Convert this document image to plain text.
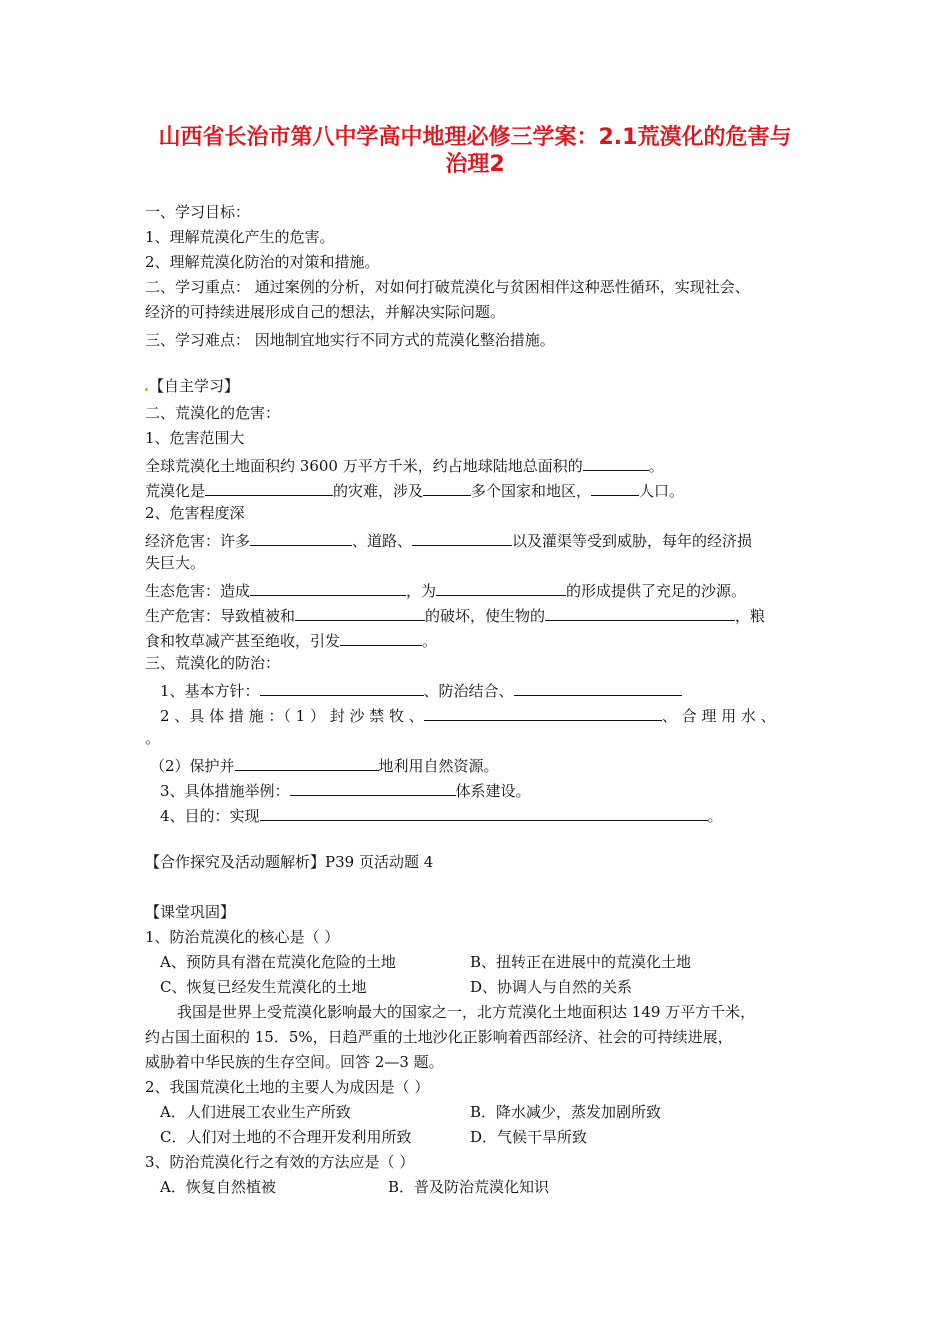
山西省长治市第八中学高中地理必修三学案：2.1荒漠化的危害与
治理2
一、学习目标：
1、理解荒漠化产生的危害。
2、理解荒漠化防治的对策和措施。
二、学习重点： 通过案例的分析，对如何打破荒漠化与贫困相伴这种恶性循环，实现社会、
经济的可持续进展形成自己的想法，并解决实际问题。
三、学习难点： 因地制宜地实行不同方式的荒漠化整治措施。
【自主学习】
二、荒漠化的危害：
1、危害范围大
全球荒漠化土地面积约 3600 万平方千米，约占地球陆地总面积的	。
荒漠化是	的灾难，涉及	多个国家和地区，	人口。
2、危害程度深
经济危害：许多	、道路、	以及灌渠等受到威胁，每年的经济损
失巨大。
生态危害：造成	，为	的形成提供了充足的沙源。
生产危害：导致植被和	的破坏，使生物的	，粮
食和牧草减产甚至绝收，引发	。
三、荒漠化的防治：
1、基本方针：	、防治结合、
2 、具 体 措 施 ：（ 1 ） 封 沙 禁 牧 、	、 合 理 用 水 、
。
（2）保护并	地利用自然资源。
3、具体措施举例：	体系建设。
4、目的：实现	。
【合作探究及活动题解析】P39 页活动题 4
【课堂巩固】
1、防治荒漠化的核心是（ ）
A、预防具有潜在荒漠化危险的土地	B、扭转正在进展中的荒漠化土地
C、恢复已经发生荒漠化的土地	D、协调人与自然的关系
我国是世界上受荒漠化影响最大的国家之一，北方荒漠化土地面积达 149 万平方千米，
约占国土面积的 15．5%，日趋严重的土地沙化正影响着西部经济、社会的可持续进展，
威胁着中华民族的生存空间。回答 2—3 题。
2、我国荒漠化土地的主要人为成因是（ ）
A．人们进展工农业生产所致	B．降水减少，蒸发加剧所致
C．人们对土地的不合理开发利用所致	D．气候干旱所致
3、防治荒漠化行之有效的方法应是（ ）
A．恢复自然植被	B．普及防治荒漠化知识
